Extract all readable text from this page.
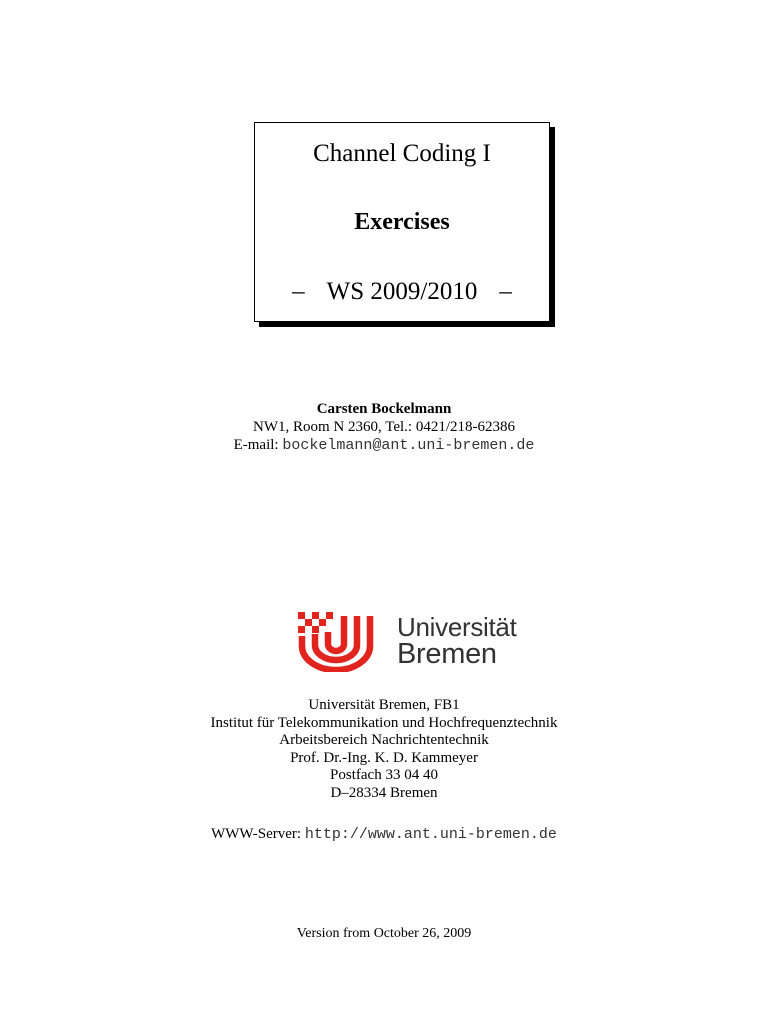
Channel Coding I
Exercises
– WS 2009/2010 –
Carsten Bockelmann
NW1, Room N 2360, Tel.: 0421/218-62386
E-mail: bockelmann@ant.uni-bremen.de
Universität
Bremen
Universität Bremen, FB1
Institut für Telekommunikation und Hochfrequenztechnik
Arbeitsbereich Nachrichtentechnik
Prof. Dr.-Ing. K. D. Kammeyer
Postfach 33 04 40
D–28334 Bremen
WWW-Server: http://www.ant.uni-bremen.de
Version from October 26, 2009
